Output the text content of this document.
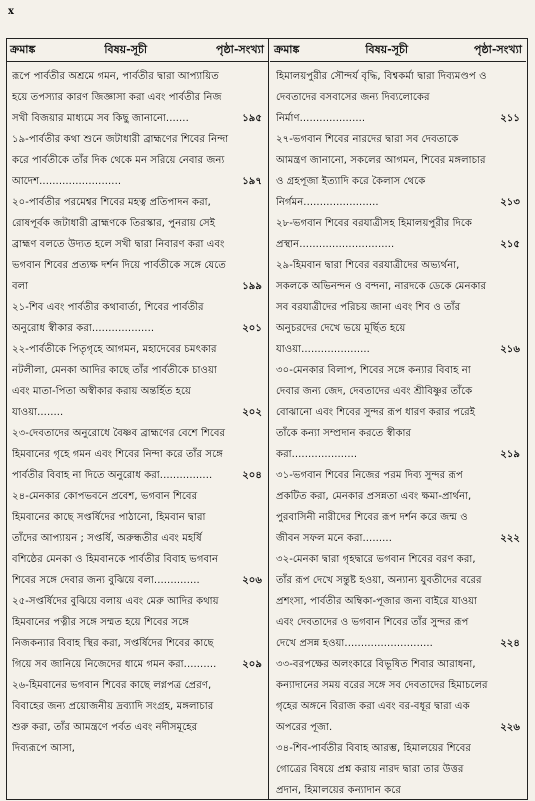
x
ক্রমাঙ্ক	বিষয়-সূচী	পৃষ্ঠা-সংখ্যা ক্রমাঙ্ক	বিষয়-সূচী	পৃষ্ঠা-সংখ্যা
রূপে পার্বতীর অশ্রমে গমন, পার্বতীর দ্বারা আপ্যায়িত হয়ে তপস্যার কারণ জিজ্ঞাসা করা এবং পার্বতীর নিজ সখী বিজয়ার মাধ্যমে সব কিছু জানানো.......	১৯৫
১৯-পার্বতীর কথা শুনে জটাধারী ব্রাহ্মণের শিবের নিন্দা করে পার্বতীকে তাঁর দিক থেকে মন সরিয়ে নেবার জন্য আদেশ.........................	১৯৭
২০-পার্বতীর পরমেশ্বর শিবের মহত্ব প্রতিপাদন করা, রোষপূর্বক জটাধারী ব্রাহ্মণকে তিরস্কার, পুনরায় সেই ব্রাহ্মণ বলতে উদ্যত হলে সখী দ্বারা নিবারণ করা এবং ভগবান শিবের প্রত্যক্ষ দর্শন দিয়ে পার্বতীকে সঙ্গে যেতে বলা	১৯৯
২১-শিব এবং পার্বতীর কথাবার্তা, শিবের পার্বতীর অনুরোধ স্বীকার করা...................	২০১
২২-পার্বতীকে পিতৃগৃহে আগমন, মহাদেবের চমৎকার নটলীলা, মেনকা আদির কাছে তাঁর পার্বতীকে চাওয়া এবং মাতা-পিতা অস্বীকার করায় অন্তর্হিত হয়ে যাওয়া........	২০২
২৩-দেবতাদের অনুরোধে বৈষ্ণব ব্রাহ্মণের বেশে শিবের হিমবানের গৃহে গমন এবং শিবের নিন্দা করে তাঁর সঙ্গে পার্বতীর বিবাহ না দিতে অনুরোধ করা................	২০৪
২৪-মেনকার কোপভবনে প্রবেশ, ভগবান শিবের হিমবানের কাছে সপ্তর্ষিদের পাঠানো, হিমবান দ্বারা তাঁদের আপ্যায়ন ; সপ্তর্ষি, অরুন্ধতীর এবং মহর্ষি বশিষ্ঠের মেনকা ও হিমবানকে পার্বতীর বিবাহ ভগবান শিবের সঙ্গে দেবার জন্য বুঝিয়ে বলা..............	২০৬
২৫-সপ্তর্ষিদের বুঝিয়ে বলায় এবং মেরু আদির কথায় হিমবানের পত্নীর সঙ্গে সম্মত হয়ে শিবের সঙ্গে নিজকন্যার বিবাহ স্থির করা, সপ্তর্ষিদের শিবের কাছে গিয়ে সব জানিয়ে নিজেদের ধামে গমন করা..........	২০৯
২৬-হিমবানের ভগবান শিবের কাছে লগ্নপত্র প্রেরণ, বিবাহের জন্য প্রয়োজনীয় দ্রব্যাদি সংগ্রহ, মঙ্গলাচার শুরু করা, তাঁর আমন্ত্রণে পর্বত এবং নদীসমূহের দিব্যরূপে আসা,
হিমালয়পুরীর সৌন্দর্য বৃদ্ধি, বিশ্বকর্মা দ্বারা দিব্যমণ্ডপ ও দেবতাদের বসবাসের জন্য দিব্যলোকের নির্মাণ....................	২১১
২৭-ভগবান শিবের নারদের দ্বারা সব দেবতাকে আমন্ত্রণ জানানো, সকলের আগমন, শিবের মঙ্গলাচার ও গ্রহপূজা ইত্যাদি করে কৈলাস থেকে নির্গমন.......................	২১৩
২৮-ভগবান শিবের বরযাত্রীসহ হিমালয়পুরীর দিকে প্রস্থান.............................	২১৫
২৯-হিমবান দ্বারা শিবের বরযাত্রীদের অভ্যর্থনা, সকলকে অভিনন্দন ও বন্দনা, নারদকে ডেকে মেনকার সব বরযাত্রীদের পরিচয় জানা এবং শিব ও তাঁর অনুচরদের দেখে ভয়ে মূর্ছিত হয়ে যাওয়া.....................	২১৬
৩০-মেনকার বিলাপ, শিবের সঙ্গে কন্যার বিবাহ না দেবার জন্য জেদ, দেবতাদের এবং শ্রীবিষ্ণুর তাঁকে বোঝানো এবং শিবের সুন্দর রূপ ধারণ করার পরেই তাঁকে কন্যা সম্প্রদান করতে স্বীকার করা....................	২১৯
৩১-ভগবান শিবের নিজের পরম দিব্য সুন্দর রূপ প্রকটিত করা, মেনকার প্রসন্নতা এবং ক্ষমা-প্রার্থনা, পুরবাসিনী নারীদের শিবের রূপ দর্শন করে জন্ম ও জীবন সফল মনে করা.........	২২২
৩২-মেনকা দ্বারা গৃহদ্বারে ভগবান শিবের বরণ করা, তাঁর রূপ দেখে সন্তুষ্ট হওয়া, অন্যান্য যুবতীদের বরের প্রশংসা, পার্বতীর অম্বিকা-পূজার জন্য বাইরে যাওয়া এবং দেবতাদের ও ভগবান শিবের তাঁর সুন্দর রূপ দেখে প্রসন্ন হওয়া...........................	২২৪
৩৩-বরপক্ষের অলংকারে বিভূষিত শিবার আরাধনা, কন্যাদানের সময় বরের সঙ্গে সব দেবতাদের হিমাচলের গৃহের অঙ্গনে বিরাজ করা এবং বর-বধূর দ্বারা এক অপরের পূজা.	২২৬
৩৪-শিব-পার্বতীর বিবাহ আরম্ভ, হিমালয়ের শিবের গোত্রের বিষয়ে প্রশ্ন করায় নারদ দ্বারা তার উত্তর প্রদান, হিমালয়ের কন্যাদান করে
